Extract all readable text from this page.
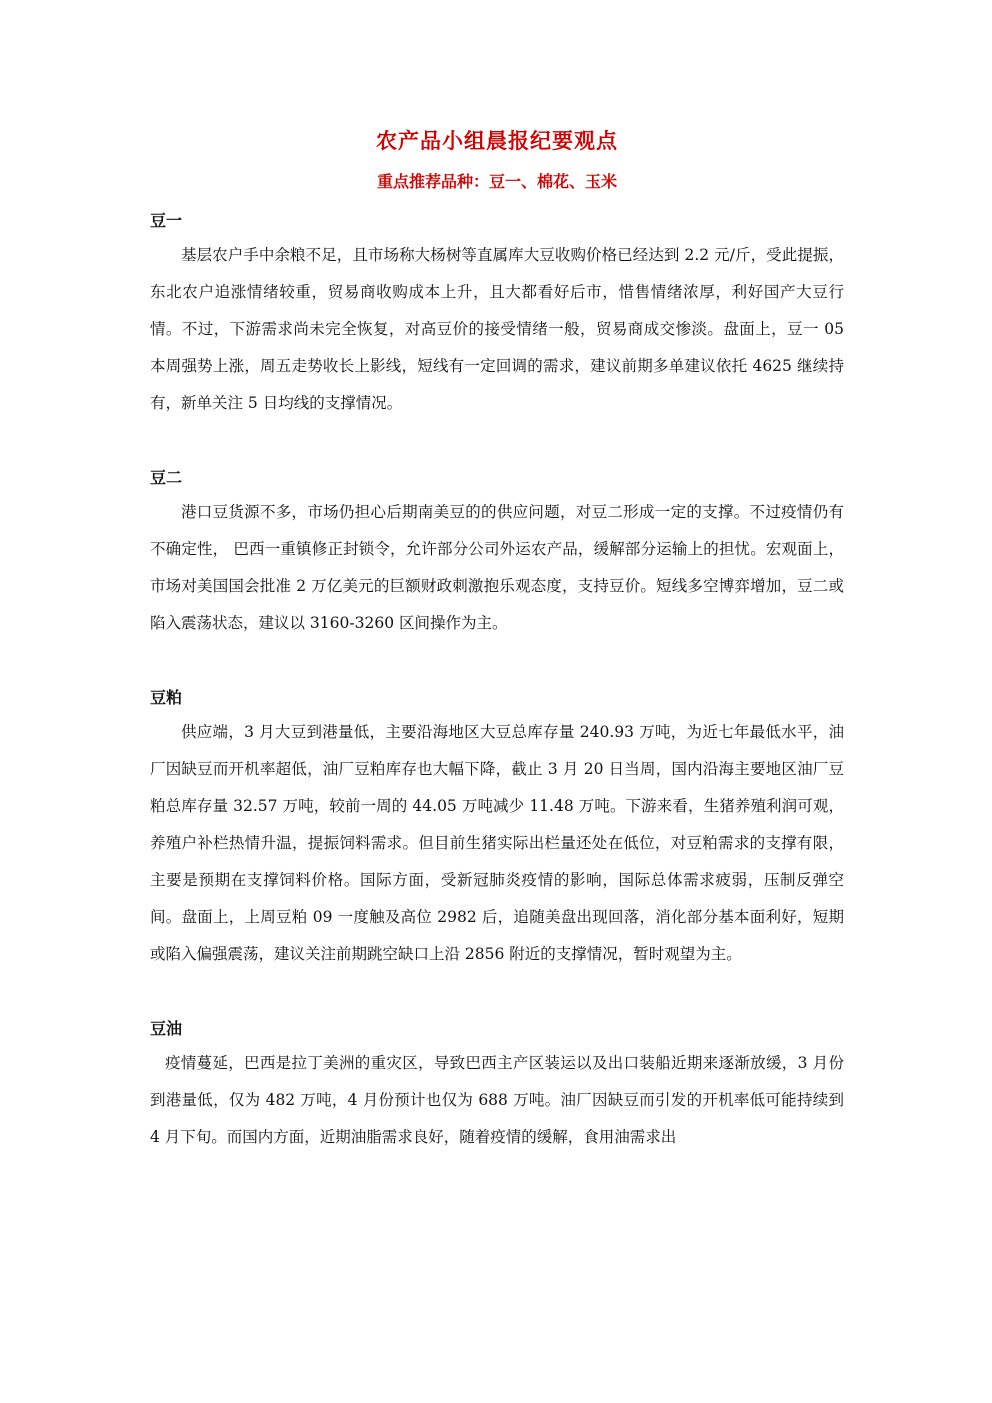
农产品小组晨报纪要观点
重点推荐品种：豆一、棉花、玉米
豆一

基层农户手中余粮不足，且市场称大杨树等直属库大豆收购价格已经达到 2.2 元/斤，受此提振，东北农户追涨情绪较重，贸易商收购成本上升，且大都看好后市，惜售情绪浓厚，利好国产大豆行情。不过，下游需求尚未完全恢复，对高豆价的接受情绪一般，贸易商成交惨淡。盘面上，豆一 05 本周强势上涨，周五走势收长上影线，短线有一定回调的需求，建议前期多单建议依托 4625 继续持有，新单关注 5 日均线的支撑情况。

豆二

港口豆货源不多，市场仍担心后期南美豆的的供应问题，对豆二形成一定的支撑。不过疫情仍有不确定性， 巴西一重镇修正封锁令，允许部分公司外运农产品，缓解部分运输上的担忧。宏观面上，市场对美国国会批准 2 万亿美元的巨额财政刺激抱乐观态度，支持豆价。短线多空博弈增加，豆二或陷入震荡状态，建议以 3160-3260 区间操作为主。

豆粕

供应端，3 月大豆到港量低，主要沿海地区大豆总库存量 240.93 万吨，为近七年最低水平，油厂因缺豆而开机率超低，油厂豆粕库存也大幅下降，截止 3 月 20 日当周，国内沿海主要地区油厂豆粕总库存量 32.57 万吨，较前一周的 44.05 万吨减少 11.48 万吨。下游来看，生猪养殖利润可观，养殖户补栏热情升温，提振饲料需求。但目前生猪实际出栏量还处在低位，对豆粕需求的支撑有限，主要是预期在支撑饲料价格。国际方面，受新冠肺炎疫情的影响，国际总体需求疲弱，压制反弹空间。盘面上，上周豆粕 09 一度触及高位 2982 后，追随美盘出现回落，消化部分基本面利好，短期或陷入偏强震荡，建议关注前期跳空缺口上沿 2856 附近的支撑情况，暂时观望为主。

豆油

疫情蔓延，巴西是拉丁美洲的重灾区，导致巴西主产区装运以及出口装船近期来逐渐放缓，3 月份到港量低，仅为 482 万吨，4 月份预计也仅为 688 万吨。油厂因缺豆而引发的开机率低可能持续到 4 月下旬。而国内方面，近期油脂需求良好，随着疫情的缓解，食用油需求出
